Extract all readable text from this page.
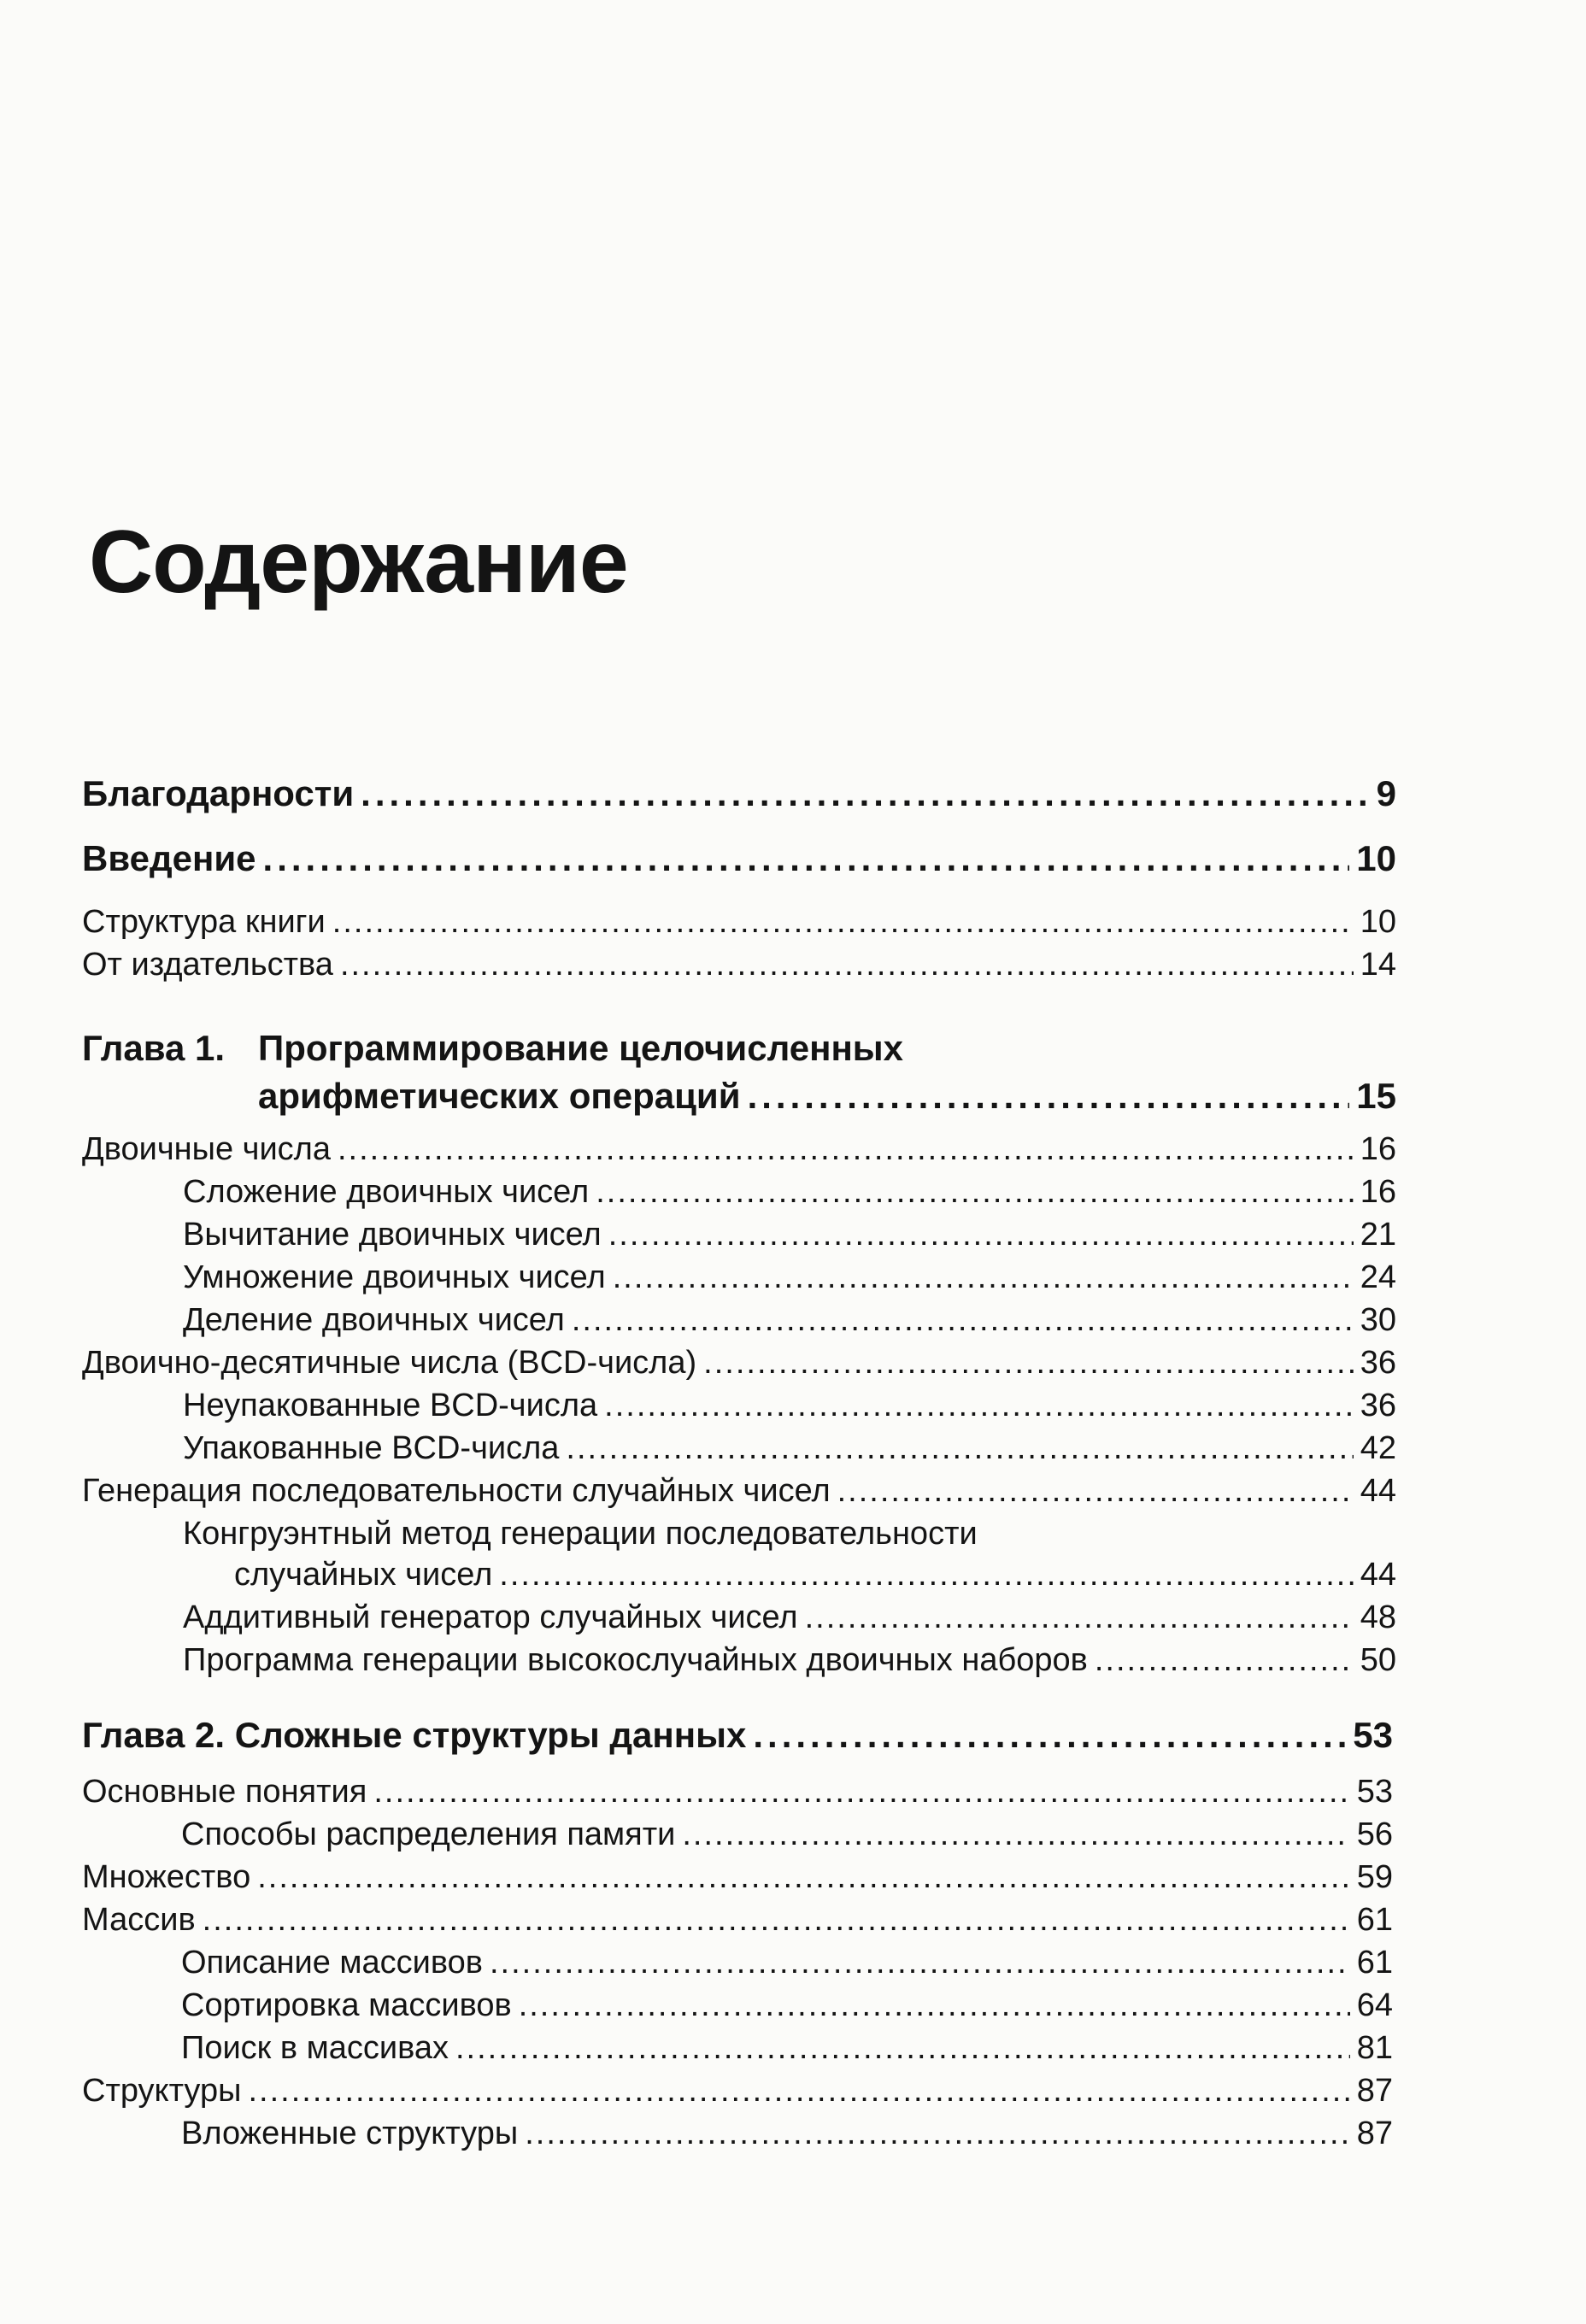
Содержание
Благодарности .....	9
Введение .....	10
Структура книги .....	10
От издательства .....	14
Глава 1. Программирование целочисленных
арифметических операций .....	15
Двоичные числа .....	16
Сложение двоичных чисел .....	16
Вычитание двоичных чисел .....	21
Умножение двоичных чисел .....	24
Деление двоичных чисел .....	30
Двоично-десятичные числа (BCD-числа) .....	36
Неупакованные BCD-числа .....	36
Упакованные BCD-числа .....	42
Генерация последовательности случайных чисел .....	44
Конгруэнтный метод генерации последовательности
случайных чисел .....	44
Аддитивный генератор случайных чисел .....	48
Программа генерации высокослучайных двоичных наборов .....	50
Глава 2. Сложные структуры данных .....	53
Основные понятия .....	53
Способы распределения памяти .....	56
Множество .....	59
Массив .....	61
Описание массивов .....	61
Сортировка массивов .....	64
Поиск в массивах .....	81
Структуры .....	87
Вложенные структуры .....	87
